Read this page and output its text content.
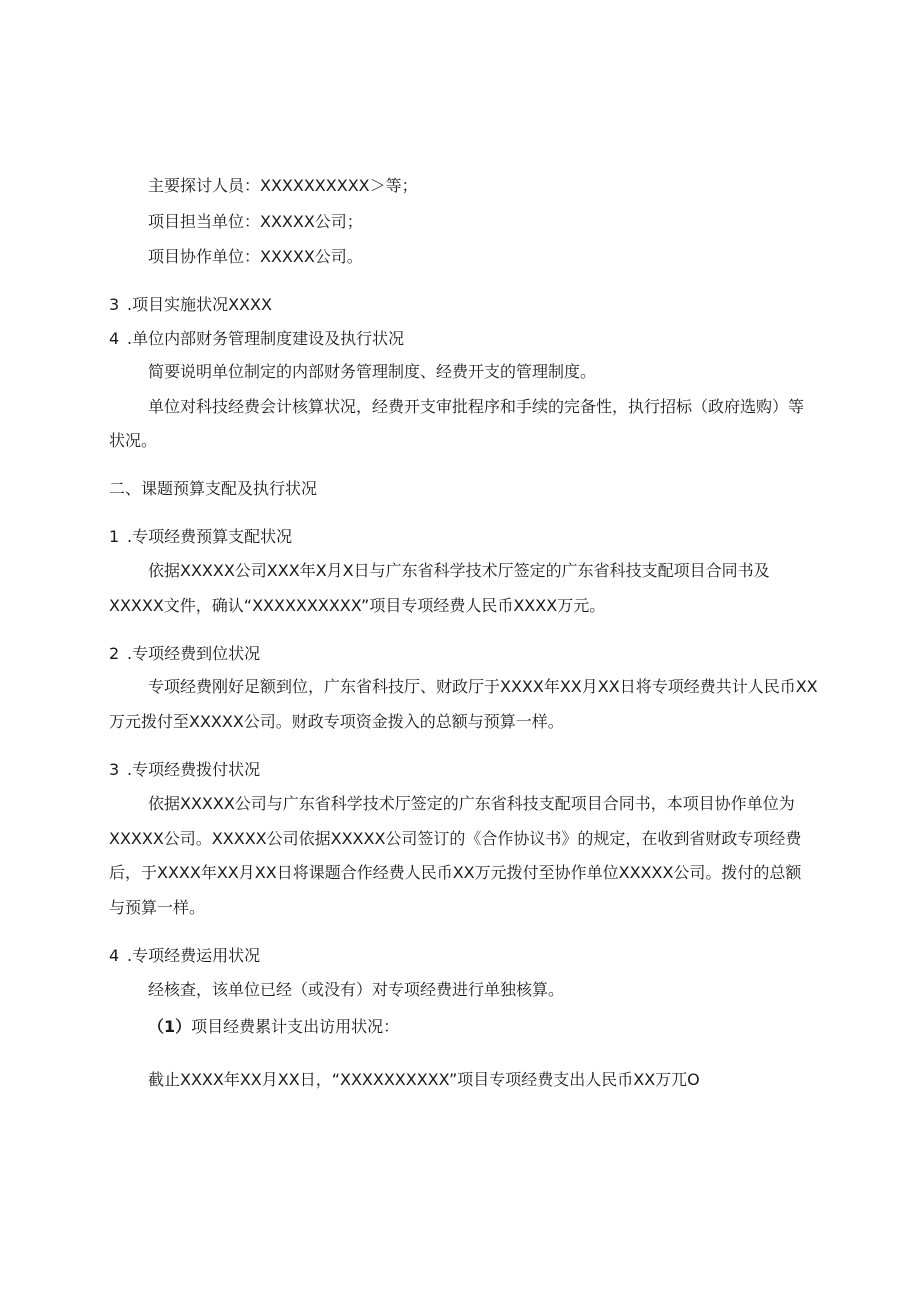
主要探讨人员：XXXXXXXXXX＞等；
项目担当单位：XXXXX公司；
项目协作单位：XXXXX公司。
3 .项目实施状况XXXX
4 .单位内部财务管理制度建设及执行状况
简要说明单位制定的内部财务管理制度、经费开支的管理制度。
单位对科技经费会计核算状况，经费开支审批程序和手续的完备性，执行招标（政府选购）等
状况。
二、课题预算支配及执行状况
1 .专项经费预算支配状况
依据XXXXX公司XXX年X月X日与广东省科学技术厅签定的广东省科技支配项目合同书及
XXXXX文件，确认“XXXXXXXXXX”项目专项经费人民币XXXX万元。
2 .专项经费到位状况
专项经费刚好足额到位，广东省科技厅、财政厅于XXXX年XX月XX日将专项经费共计人民币XX
万元拨付至XXXXX公司。财政专项资金拨入的总额与预算一样。
3 .专项经费拨付状况
依据XXXXX公司与广东省科学技术厅签定的广东省科技支配项目合同书，本项目协作单位为
XXXXX公司。XXXXX公司依据XXXXX公司签订的《合作协议书》的规定，在收到省财政专项经费
后，于XXXX年XX月XX日将课题合作经费人民币XX万元拨付至协作单位XXXXX公司。拨付的总额
与预算一样。
4 .专项经费运用状况
经核查，该单位已经（或没有）对专项经费进行单独核算。
（1）项目经费累计支出访用状况：
截止XXXX年XX月XX日，“XXXXXXXXXX”项目专项经费支出人民币XX万兀O
